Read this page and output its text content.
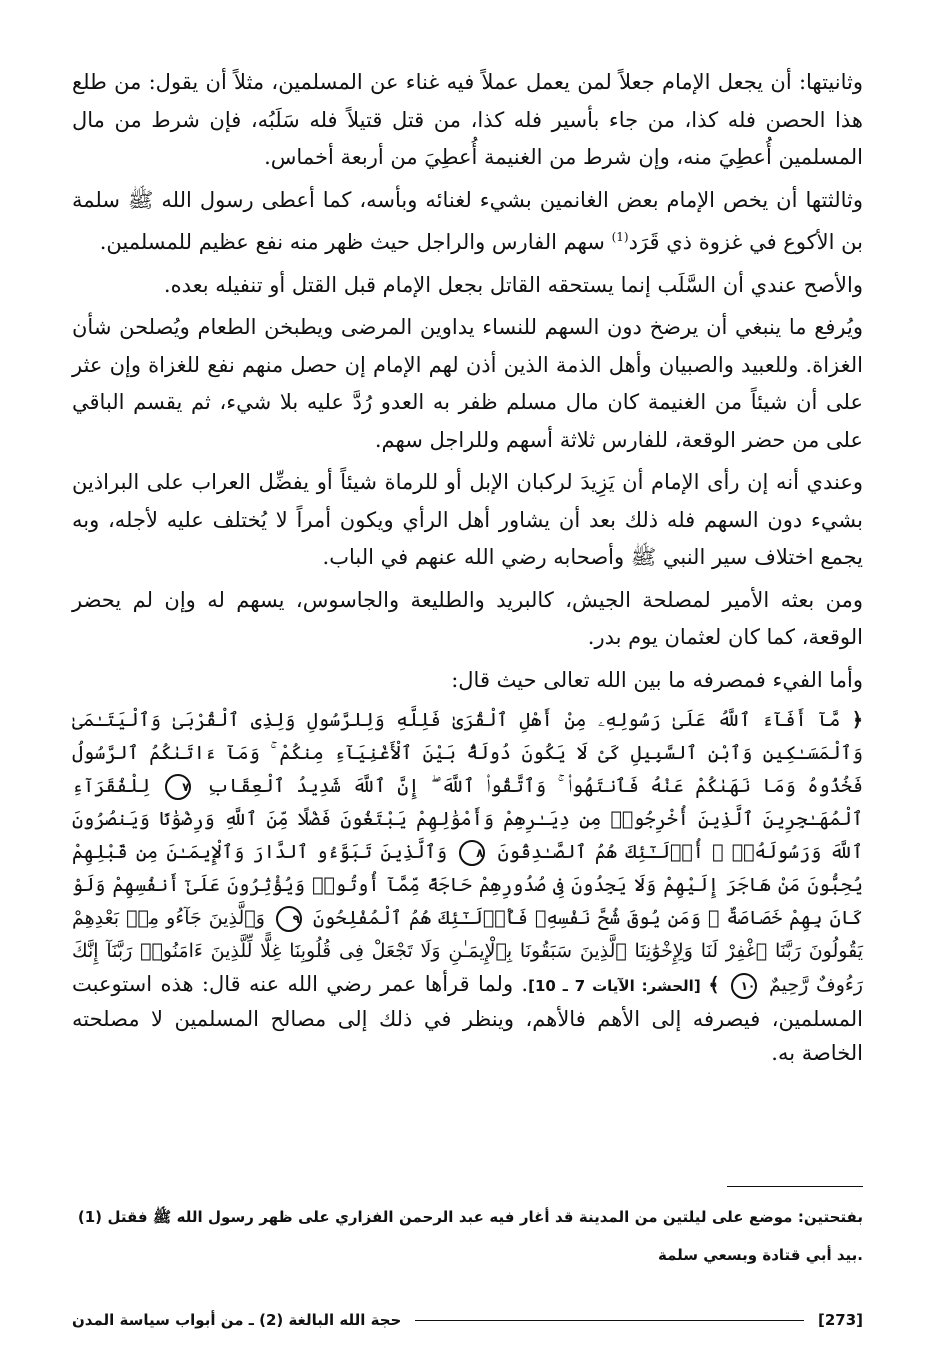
وثانيتها: أن يجعل الإمام جعلاً لمن يعمل عملاً فيه غناء عن المسلمين، مثلاً أن يقول: من طلع هذا الحصن فله كذا، من جاء بأسير فله كذا، من قتل قتيلاً فله سَلَبُه، فإن شرط من مال المسلمين أُعطِيَ منه، وإن شرط من الغنيمة أُعطِيَ من أربعة أخماس.

وثالثتها أن يخص الإمام بعض الغانمين بشيء لغنائه وبأسه، كما أعطى رسول الله ﷺ سلمة بن الأكوع في غزوة ذي قَرَد$^{(1)}$ سهم الفارس والراجل حيث ظهر منه نفع عظيم للمسلمين.

والأصح عندي أن السَّلَب إنما يستحقه القاتل بجعل الإمام قبل القتل أو تنفيله بعده.

ويُرفع ما ينبغي أن يرضخ دون السهم للنساء يداوين المرضى ويطبخن الطعام ويُصلحن شأن الغزاة. وللعبيد والصبيان وأهل الذمة الذين أذن لهم الإمام إن حصل منهم نفع للغزاة وإن عثر على أن شيئاً من الغنيمة كان مال مسلم ظفر به العدو رُدَّ عليه بلا شيء، ثم يقسم الباقي على من حضر الوقعة، للفارس ثلاثة أسهم وللراجل سهم.

وعندي أنه إن رأى الإمام أن يَزِيدَ لركبان الإبل أو للرماة شيئاً أو يفضِّل العراب على البراذين بشيء دون السهم فله ذلك بعد أن يشاور أهل الرأي ويكون أمراً لا يُختلف عليه لأجله، وبه يجمع اختلاف سير النبي ﷺ وأصحابه رضي الله عنهم في الباب.

ومن بعثه الأمير لمصلحة الجيش، كالبريد والطليعة والجاسوس، يسهم له وإن لم يحضر الوقعة، كما كان لعثمان يوم بدر.

وأما الفيء فمصرفه ما بين الله تعالى حيث قال:

﴿ مَّآ أَفَآءَ ٱللَّهُ عَلَىٰ رَسُولِهِۦ مِنْ أَهْلِ ٱلْقُرَىٰ فَلِلَّهِ وَلِلرَّسُولِ وَلِذِى ٱلْقُرْبَىٰ وَٱلْيَتَـٰمَىٰ وَٱلْمَسَـٰكِينِ وَٱبْنِ ٱلسَّبِيلِ كَىْ لَا يَكُونَ دُولَةًۢ بَيْنَ ٱلْأَغْنِيَآءِ مِنكُمْ ۚ وَمَآ ءَاتَىٰكُمُ ٱلرَّسُولُ فَخُذُوهُ وَمَا نَهَىٰكُمْ عَنْهُ فَٱنتَهُوا۟ ۚ وَٱتَّقُوا۟ ٱللَّهَ ۖ إِنَّ ٱللَّهَ شَدِيدُ ٱلْعِقَابِ ٧ لِلْفُقَرَآءِ ٱلْمُهَـٰجِرِينَ ٱلَّذِينَ أُخْرِجُوا۟ مِن دِيَـٰرِهِمْ وَأَمْوَٰلِهِمْ يَبْتَغُونَ فَضْلًا مِّنَ ٱللَّهِ وَرِضْوَٰنًا وَيَنصُرُونَ ٱللَّهَ وَرَسُولَهُۥٓ ۚ أُو۟لَـٰٓئِكَ هُمُ ٱلصَّـٰدِقُونَ ٨ وَٱلَّذِينَ تَبَوَّءُو ٱلدَّارَ وَٱلْإِيمَـٰنَ مِن قَبْلِهِمْ يُحِبُّونَ مَنْ هَاجَرَ إِلَيْهِمْ وَلَا يَجِدُونَ فِى صُدُورِهِمْ حَاجَةً مِّمَّآ أُوتُوا۟ وَيُؤْثِرُونَ عَلَىٰٓ أَنفُسِهِمْ وَلَوْ كَانَ بِهِمْ خَصَاصَةٌ ۚ وَمَن يُوقَ شُحَّ نَفْسِهِۦ فَأُو۟لَـٰٓئِكَ هُمُ ٱلْمُفْلِحُونَ ٩ وَٱلَّذِينَ جَآءُو مِنۢ بَعْدِهِمْ يَقُولُونَ رَبَّنَا ٱغْفِرْ لَنَا وَلِإِخْوَٰنِنَا ٱلَّذِينَ سَبَقُونَا بِٱلْإِيمَـٰنِ وَلَا تَجْعَلْ فِى قُلُوبِنَا غِلًّا لِّلَّذِينَ ءَامَنُوا۟ رَبَّنَآ إِنَّكَ رَءُوفٌ رَّحِيمٌ ١٠ ﴾ [الحشر: الآيات 7 ـ 10]. ولما قرأها عمر رضي الله عنه قال: هذه استوعبت المسلمين، فيصرفه إلى الأهم فالأهم، وينظر في ذلك إلى مصالح المسلمين لا مصلحته الخاصة به.

(1) بفتحتين: موضع على ليلتين من المدينة قد أغار فيه عبد الرحمن الفزاري على ظهر رسول الله ﷺ فقتل بيد أبي قتادة وبسعي سلمة.
[273]
حجة الله البالغة (2) ـ من أبواب سياسة المدن
